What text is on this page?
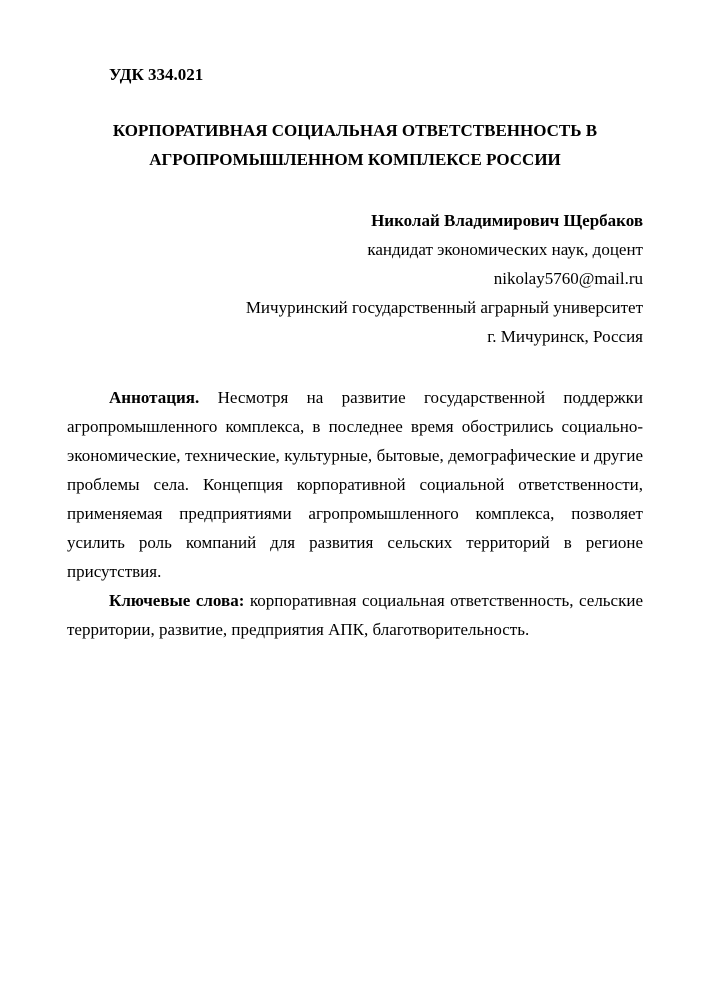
УДК 334.021
КОРПОРАТИВНАЯ СОЦИАЛЬНАЯ ОТВЕТСТВЕННОСТЬ В
АГРОПРОМЫШЛЕННОМ КОМПЛЕКСЕ РОССИИ
Николай Владимирович Щербаков
кандидат экономических наук, доцент
nikolay5760@mail.ru
Мичуринский государственный аграрный университет
г. Мичуринск, Россия

Аннотация. Несмотря на развитие государственной поддержки агропромышленного комплекса, в последнее время обострились социально-экономические, технические, культурные, бытовые, демографические и другие проблемы села. Концепция корпоративной социальной ответственности, применяемая предприятиями агропромышленного комплекса, позволяет усилить роль компаний для развития сельских территорий в регионе присутствия.

Ключевые слова: корпоративная социальная ответственность, сельские территории, развитие, предприятия АПК, благотворительность.
